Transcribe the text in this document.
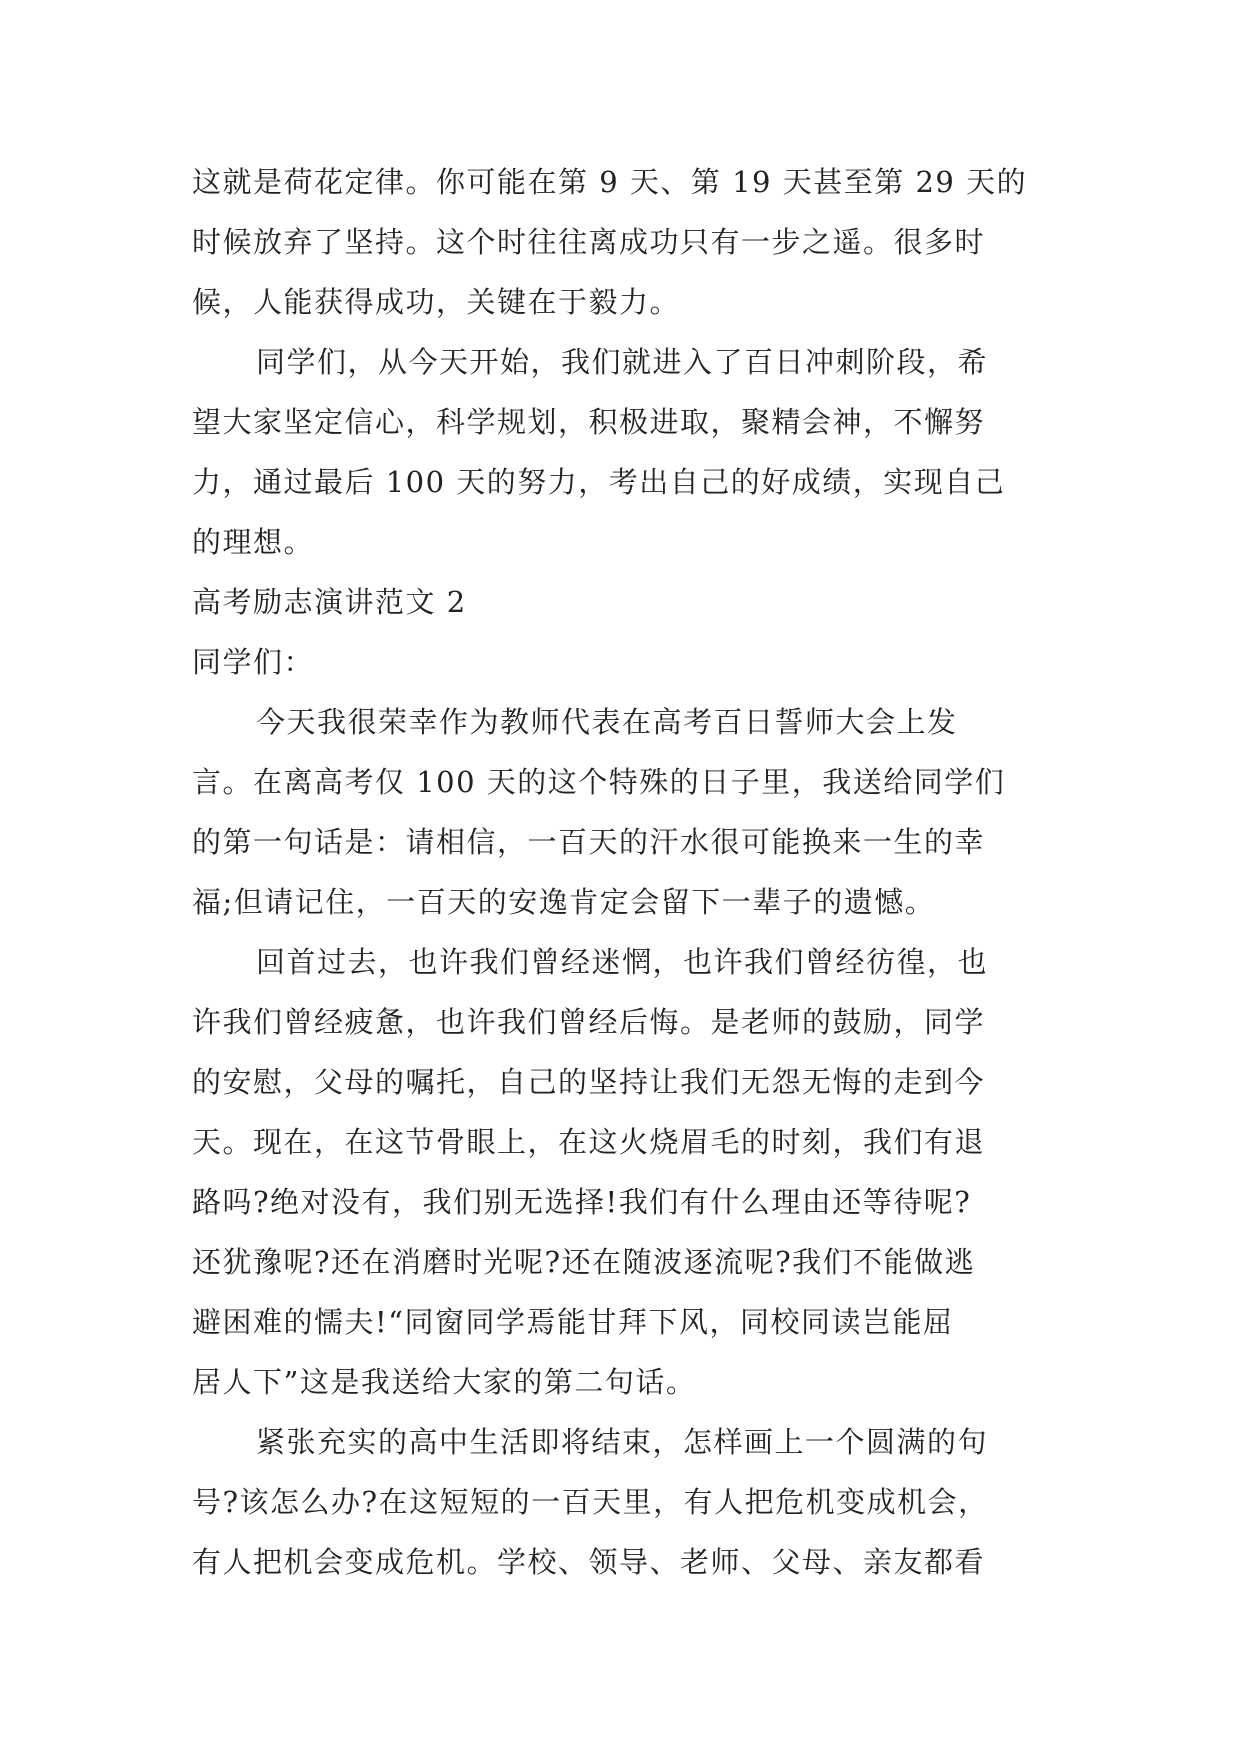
这就是荷花定律。你可能在第 9 天、第 19 天甚至第 29 天的
时候放弃了坚持。这个时往往离成功只有一步之遥。很多时
候，人能获得成功，关键在于毅力。
同学们，从今天开始，我们就进入了百日冲刺阶段，希
望大家坚定信心，科学规划，积极进取，聚精会神，不懈努
力，通过最后 100 天的努力，考出自己的好成绩，实现自己
的理想。
高考励志演讲范文 2
同学们：
今天我很荣幸作为教师代表在高考百日誓师大会上发
言。在离高考仅 100 天的这个特殊的日子里，我送给同学们
的第一句话是：请相信，一百天的汗水很可能换来一生的幸
福;但请记住，一百天的安逸肯定会留下一辈子的遗憾。
回首过去，也许我们曾经迷惘，也许我们曾经彷徨，也
许我们曾经疲惫，也许我们曾经后悔。是老师的鼓励，同学
的安慰，父母的嘱托，自己的坚持让我们无怨无悔的走到今
天。现在，在这节骨眼上，在这火烧眉毛的时刻，我们有退
路吗?绝对没有，我们别无选择!我们有什么理由还等待呢?
还犹豫呢?还在消磨时光呢?还在随波逐流呢?我们不能做逃
避困难的懦夫!“同窗同学焉能甘拜下风，同校同读岂能屈
居人下”这是我送给大家的第二句话。
紧张充实的高中生活即将结束，怎样画上一个圆满的句
号?该怎么办?在这短短的一百天里，有人把危机变成机会，
有人把机会变成危机。学校、领导、老师、父母、亲友都看
